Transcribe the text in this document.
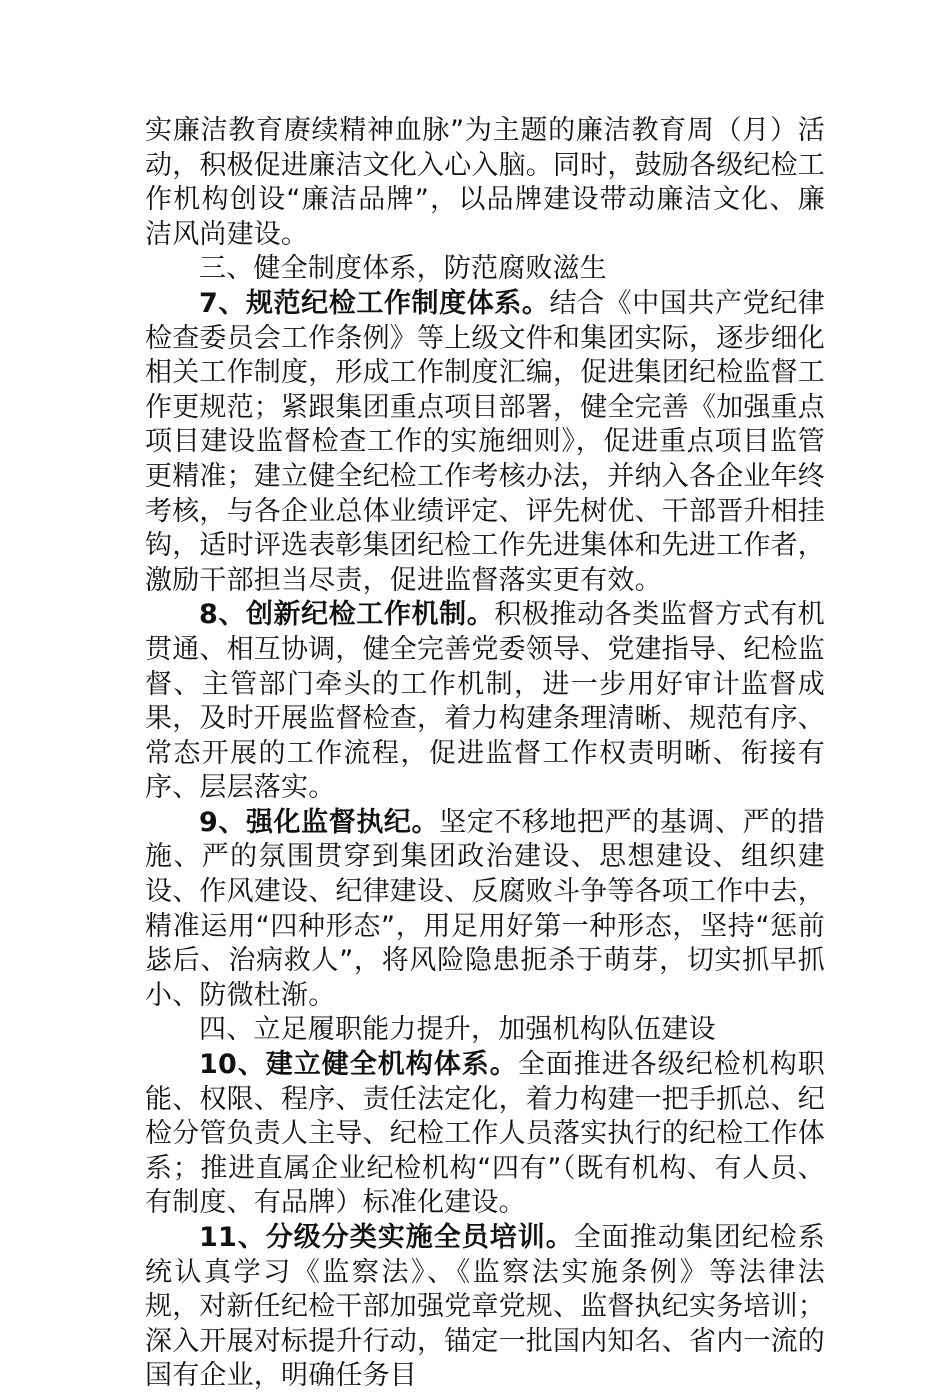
实廉洁教育赓续精神血脉”为主题的廉洁教育周（月）活动，积极促进廉洁文化入心入脑。同时，鼓励各级纪检工作机构创设“廉洁品牌”，以品牌建设带动廉洁文化、廉洁风尚建设。

三、健全制度体系，防范腐败滋生

7、规范纪检工作制度体系。结合《中国共产党纪律检查委员会工作条例》等上级文件和集团实际，逐步细化相关工作制度，形成工作制度汇编，促进集团纪检监督工作更规范；紧跟集团重点项目部署，健全完善《加强重点项目建设监督检查工作的实施细则》，促进重点项目监管更精准；建立健全纪检工作考核办法，并纳入各企业年终考核，与各企业总体业绩评定、评先树优、干部晋升相挂钩，适时评选表彰集团纪检工作先进集体和先进工作者，激励干部担当尽责，促进监督落实更有效。

8、创新纪检工作机制。积极推动各类监督方式有机贯通、相互协调，健全完善党委领导、党建指导、纪检监督、主管部门牵头的工作机制，进一步用好审计监督成果，及时开展监督检查，着力构建条理清晰、规范有序、常态开展的工作流程，促进监督工作权责明晰、衔接有序、层层落实。

9、强化监督执纪。坚定不移地把严的基调、严的措施、严的氛围贯穿到集团政治建设、思想建设、组织建设、作风建设、纪律建设、反腐败斗争等各项工作中去，精准运用“四种形态”，用足用好第一种形态，坚持“惩前毖后、治病救人”，将风险隐患扼杀于萌芽，切实抓早抓小、防微杜渐。

四、立足履职能力提升，加强机构队伍建设

10、建立健全机构体系。全面推进各级纪检机构职能、权限、程序、责任法定化，着力构建一把手抓总、纪检分管负责人主导、纪检工作人员落实执行的纪检工作体系；推进直属企业纪检机构“四有”（既有机构、有人员、有制度、有品牌）标准化建设。

11、分级分类实施全员培训。全面推动集团纪检系统认真学习《监察法》、《监察法实施条例》等法律法规，对新任纪检干部加强党章党规、监督执纪实务培训；深入开展对标提升行动，锚定一批国内知名、省内一流的国有企业，明确任务目
